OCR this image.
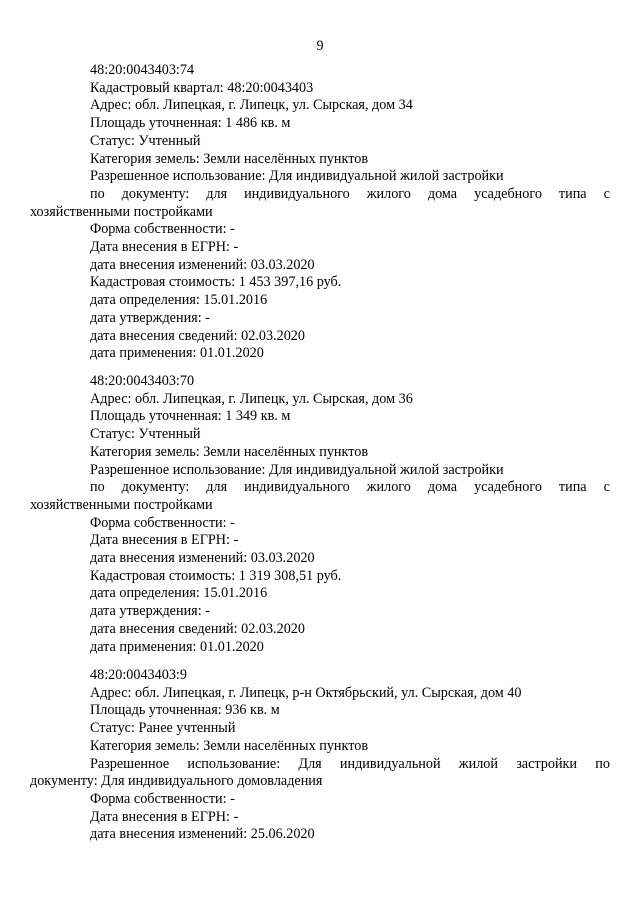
9
48:20:0043403:74
Кадастровый квартал: 48:20:0043403
Адрес: обл. Липецкая, г. Липецк, ул. Сырская, дом 34
Площадь уточненная: 1 486 кв. м
Статус: Учтенный
Категория земель: Земли населённых пунктов
Разрешенное использование: Для индивидуальной жилой застройки
по документу: для индивидуального жилого дома усадебного типа с
хозяйственными постройками
Форма собственности: -
Дата внесения в ЕГРН: -
дата внесения изменений: 03.03.2020
Кадастровая стоимость: 1 453 397,16 руб.
дата определения: 15.01.2016
дата утверждения: -
дата внесения сведений: 02.03.2020
дата применения: 01.01.2020
48:20:0043403:70
Адрес: обл. Липецкая, г. Липецк, ул. Сырская, дом 36
Площадь уточненная: 1 349 кв. м
Статус: Учтенный
Категория земель: Земли населённых пунктов
Разрешенное использование: Для индивидуальной жилой застройки
по документу: для индивидуального жилого дома усадебного типа с
хозяйственными постройками
Форма собственности: -
Дата внесения в ЕГРН: -
дата внесения изменений: 03.03.2020
Кадастровая стоимость: 1 319 308,51 руб.
дата определения: 15.01.2016
дата утверждения: -
дата внесения сведений: 02.03.2020
дата применения: 01.01.2020
48:20:0043403:9
Адрес: обл. Липецкая, г. Липецк, р-н Октябрьский, ул. Сырская, дом 40
Площадь уточненная: 936 кв. м
Статус: Ранее учтенный
Категория земель: Земли населённых пунктов
Разрешенное использование: Для индивидуальной жилой застройки по
документу: Для индивидуального домовладения
Форма собственности: -
Дата внесения в ЕГРН: -
дата внесения изменений: 25.06.2020
